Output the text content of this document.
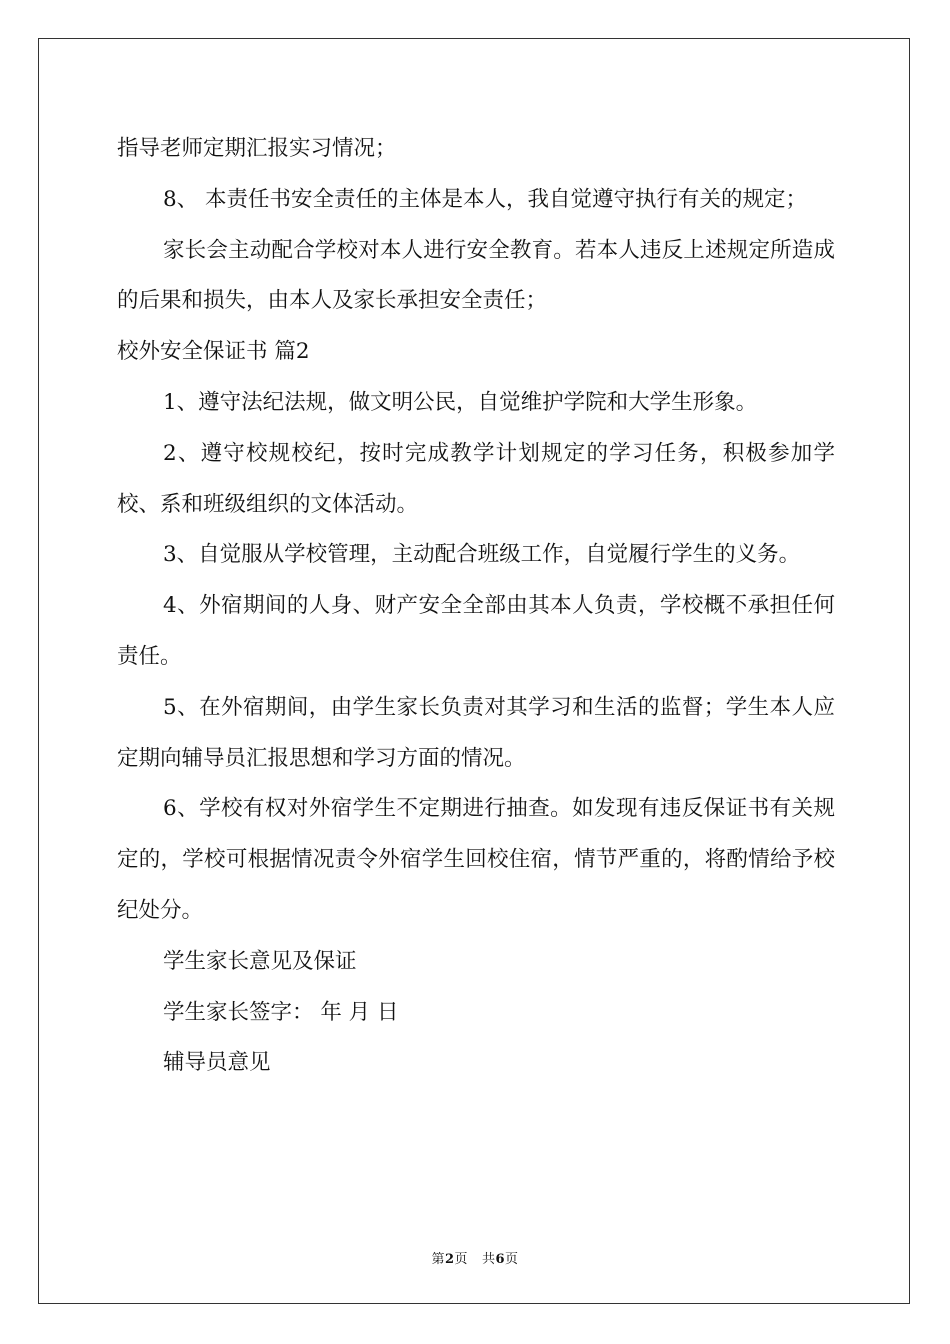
指导老师定期汇报实习情况；

8、 本责任书安全责任的主体是本人，我自觉遵守执行有关的规定；

家长会主动配合学校对本人进行安全教育。若本人违反上述规定所造成的后果和损失，由本人及家长承担安全责任；

校外安全保证书 篇2

1、遵守法纪法规，做文明公民，自觉维护学院和大学生形象。

2、遵守校规校纪，按时完成教学计划规定的学习任务，积极参加学校、系和班级组织的文体活动。

3、自觉服从学校管理，主动配合班级工作，自觉履行学生的义务。

4、外宿期间的人身、财产安全全部由其本人负责，学校概不承担任何责任。

5、在外宿期间，由学生家长负责对其学习和生活的监督；学生本人应定期向辅导员汇报思想和学习方面的情况。

6、学校有权对外宿学生不定期进行抽查。如发现有违反保证书有关规定的，学校可根据情况责令外宿学生回校住宿，情节严重的，将酌情给予校纪处分。

学生家长意见及保证

学生家长签字： 年 月 日

辅导员意见

第2页 共6页
